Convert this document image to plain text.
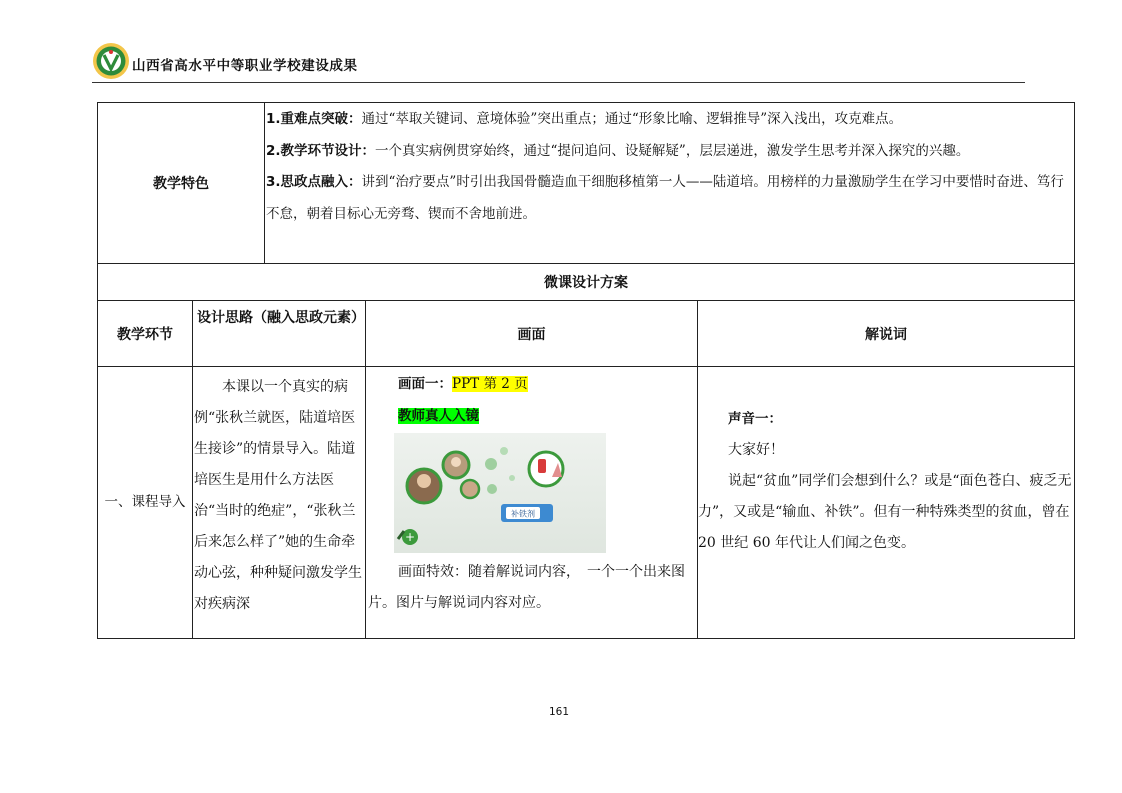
山西省高水平中等职业学校建设成果
教学特色
1.重难点突破：通过“萃取关键词、意境体验”突出重点；通过“形象比喻、逻辑推导”深入浅出，攻克难点。
2.教学环节设计：一个真实病例贯穿始终，通过“提问追问、设疑解疑”，层层递进，激发学生思考并深入探究的兴趣。
3.思政点融入：讲到“治疗要点”时引出我国骨髓造血干细胞移植第一人——陆道培。用榜样的力量激励学生在学习中要惜时奋进、笃行不怠，朝着目标心无旁骛、锲而不舍地前进。
微课设计方案
教学环节
设计思路（融入思政元素）
画面	解说词
一、课程导入
本课以一个真实的病例“张秋兰就医，陆道培医生接诊”的情景导入。陆道培医生是用什么方法医治“当时的绝症”，“张秋兰后来怎么样了”她的生命牵动心弦，种种疑问激发学生对疾病深
画面一：PPT 第 2 页
教师真人入镜
补铁剂
+
画面特效：随着解说词内容，　一个一个出来图片。图片与解说词内容对应。
声音一：
大家好！
说起“贫血”同学们会想到什么？或是“面色苍白、疲乏无力”，又或是“输血、补铁”。但有一种特殊类型的贫血，曾在 20 世纪 60 年代让人们闻之色变。
161
